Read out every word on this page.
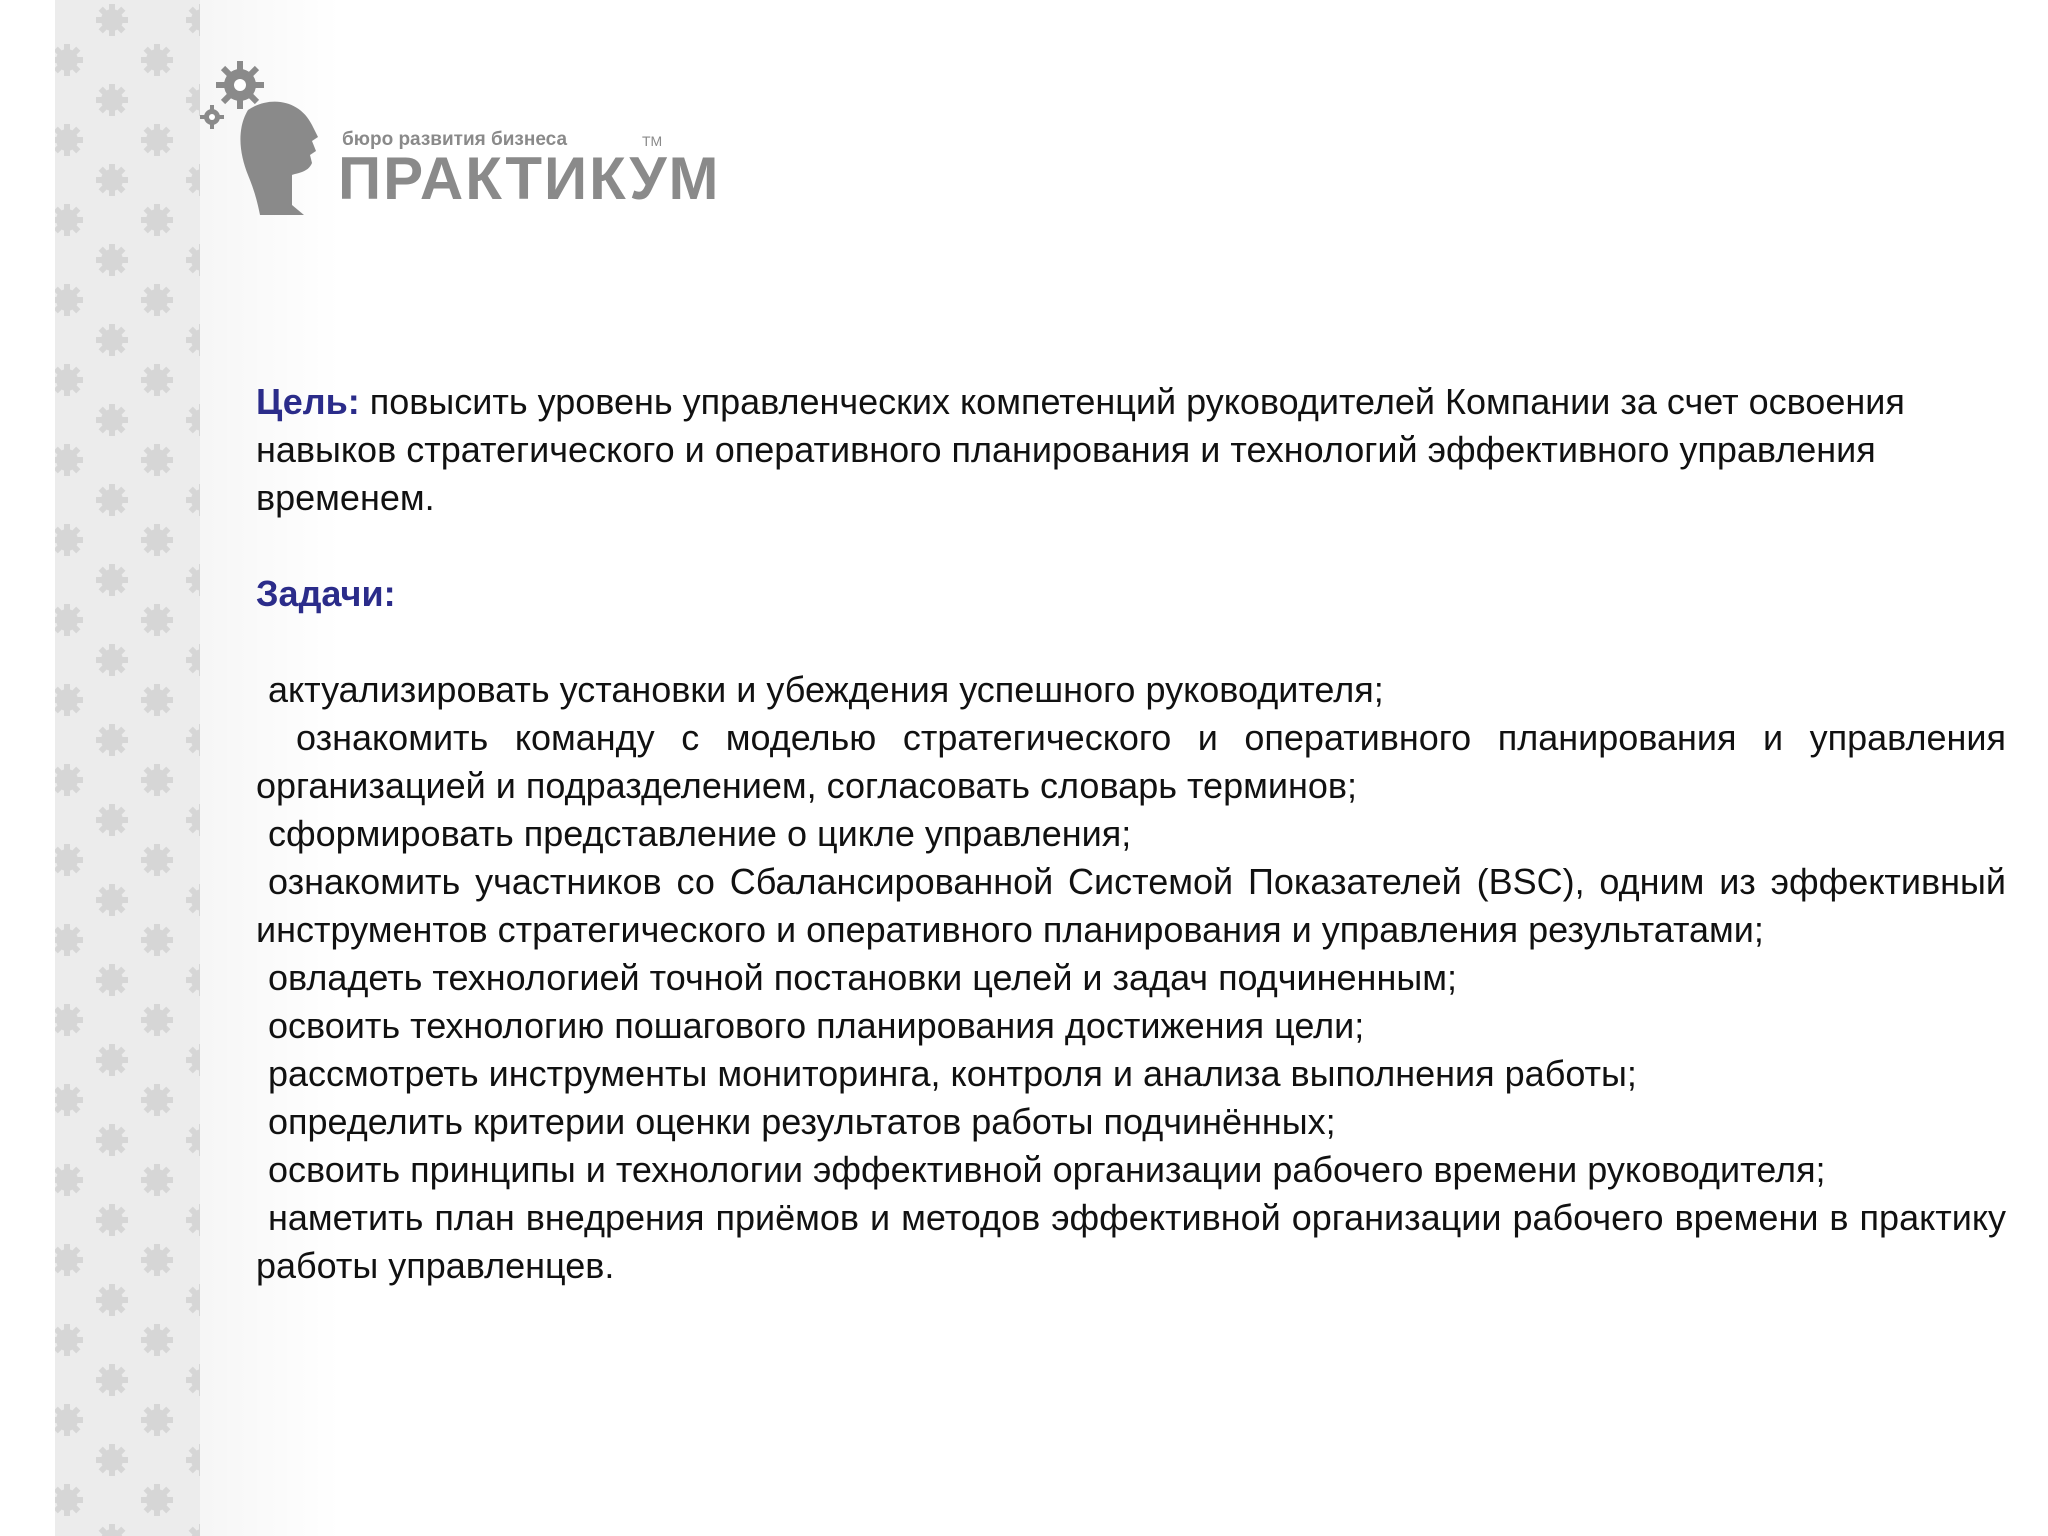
бюро развития бизнеса	TM
ПРАКТИКУМ

Цель: повысить уровень управленческих компетенций руководителей Компании за счет освоения навыков стратегического и оперативного планирования и технологий эффективного управления временем.

Задачи:

актуализировать установки и убеждения успешного руководителя;

ознакомить команду с моделью стратегического и оперативного планирования и управления организацией и подразделением, согласовать словарь терминов;

сформировать представление о цикле управления;

ознакомить участников со Сбалансированной Системой Показателей (BSC), одним из эффективный инструментов стратегического и оперативного планирования и управления результатами;

овладеть технологией точной постановки целей и задач подчиненным;

освоить технологию пошагового планирования достижения цели;

рассмотреть инструменты мониторинга, контроля и анализа выполнения работы;

определить критерии оценки результатов работы подчинённых;

освоить принципы и технологии эффективной организации рабочего времени руководителя;

наметить план внедрения приёмов и методов эффективной организации рабочего времени в практику работы управленцев.
